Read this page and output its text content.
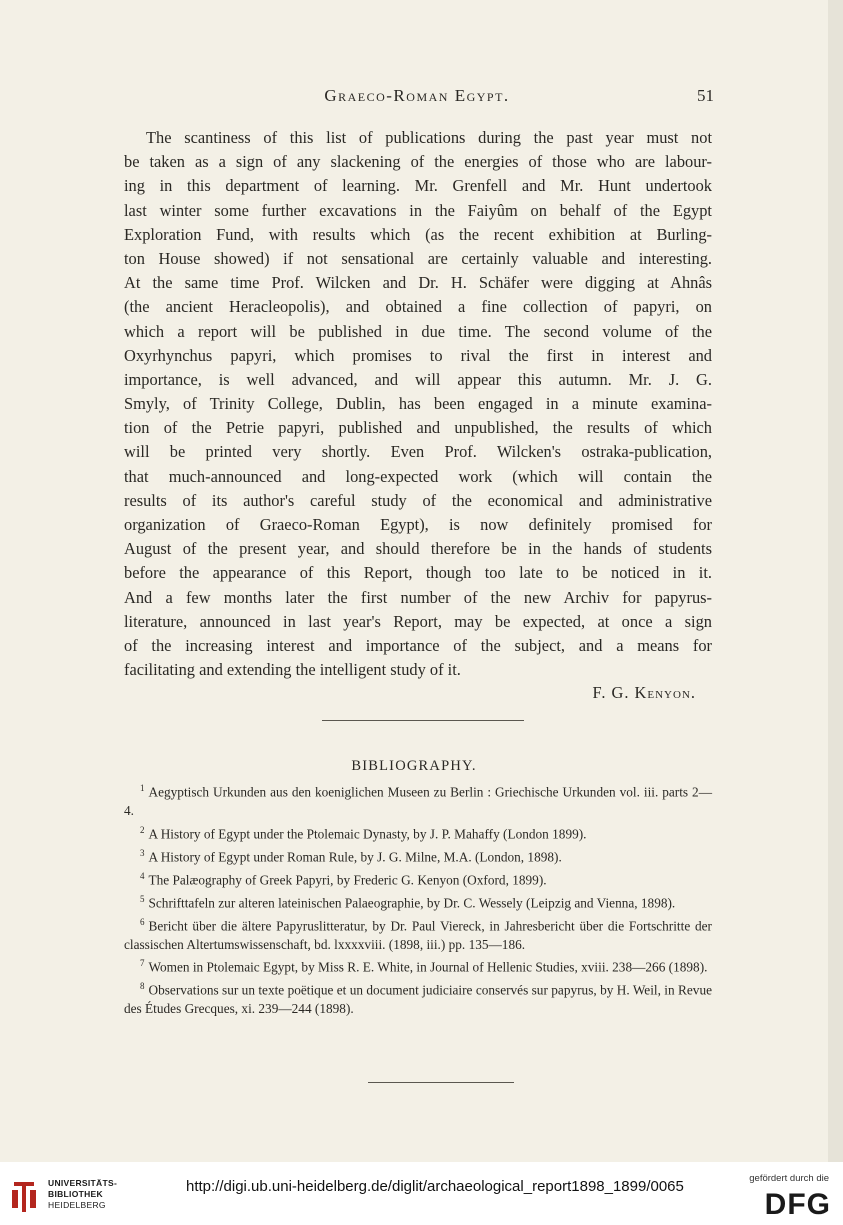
Graeco-Roman Egypt.	51
The scantiness of this list of publications during the past year must not
be taken as a sign of any slackening of the energies of those who are labour-
ing in this department of learning. Mr. Grenfell and Mr. Hunt undertook
last winter some further excavations in the Faiyûm on behalf of the Egypt
Exploration Fund, with results which (as the recent exhibition at Burling-
ton House showed) if not sensational are certainly valuable and interesting.
At the same time Prof. Wilcken and Dr. H. Schäfer were digging at Ahnâs
(the ancient Heracleopolis), and obtained a fine collection of papyri, on
which a report will be published in due time. The second volume of the
Oxyrhynchus papyri, which promises to rival the first in interest and
importance, is well advanced, and will appear this autumn. Mr. J. G.
Smyly, of Trinity College, Dublin, has been engaged in a minute examina-
tion of the Petrie papyri, published and unpublished, the results of which
will be printed very shortly. Even Prof. Wilcken's ostraka-publication,
that much-announced and long-expected work (which will contain the
results of its author's careful study of the economical and administrative
organization of Graeco-Roman Egypt), is now definitely promised for
August of the present year, and should therefore be in the hands of students
before the appearance of this Report, though too late to be noticed in it.
And a few months later the first number of the new Archiv for papyrus-
literature, announced in last year's Report, may be expected, at once a sign
of the increasing interest and importance of the subject, and a means for
facilitating and extending the intelligent study of it.
F. G. Kenyon.
BIBLIOGRAPHY.

$^1$ Aegyptisch Urkunden aus den koeniglichen Museen zu Berlin : Griechische Urkunden vol. iii. parts 2—4.

$^2$ A History of Egypt under the Ptolemaic Dynasty, by J. P. Mahaffy (London 1899).

$^3$ A History of Egypt under Roman Rule, by J. G. Milne, M.A. (London, 1898).

$^4$ The Palæography of Greek Papyri, by Frederic G. Kenyon (Oxford, 1899).

$^5$ Schrifttafeln zur alteren lateinischen Palaeographie, by Dr. C. Wessely (Leipzig and Vienna, 1898).

$^6$ Bericht über die ältere Papyruslitteratur, by Dr. Paul Viereck, in Jahresbericht über die Fortschritte der classischen Altertumswissenschaft, bd. lxxxxviii. (1898, iii.) pp. 135—186.

$^7$ Women in Ptolemaic Egypt, by Miss R. E. White, in Journal of Hellenic Studies, xviii. 238—266 (1898).

$^8$ Observations sur un texte poëtique et un document judiciaire conservés sur papyrus, by H. Weil, in Revue des Études Grecques, xi. 239—244 (1898).

UNIVERSITÄTS-
BIBLIOTHEK
HEIDELBERG
http://digi.ub.uni-heidelberg.de/diglit/archaeological_report1898_1899/0065	gefördert durch die
DFG
